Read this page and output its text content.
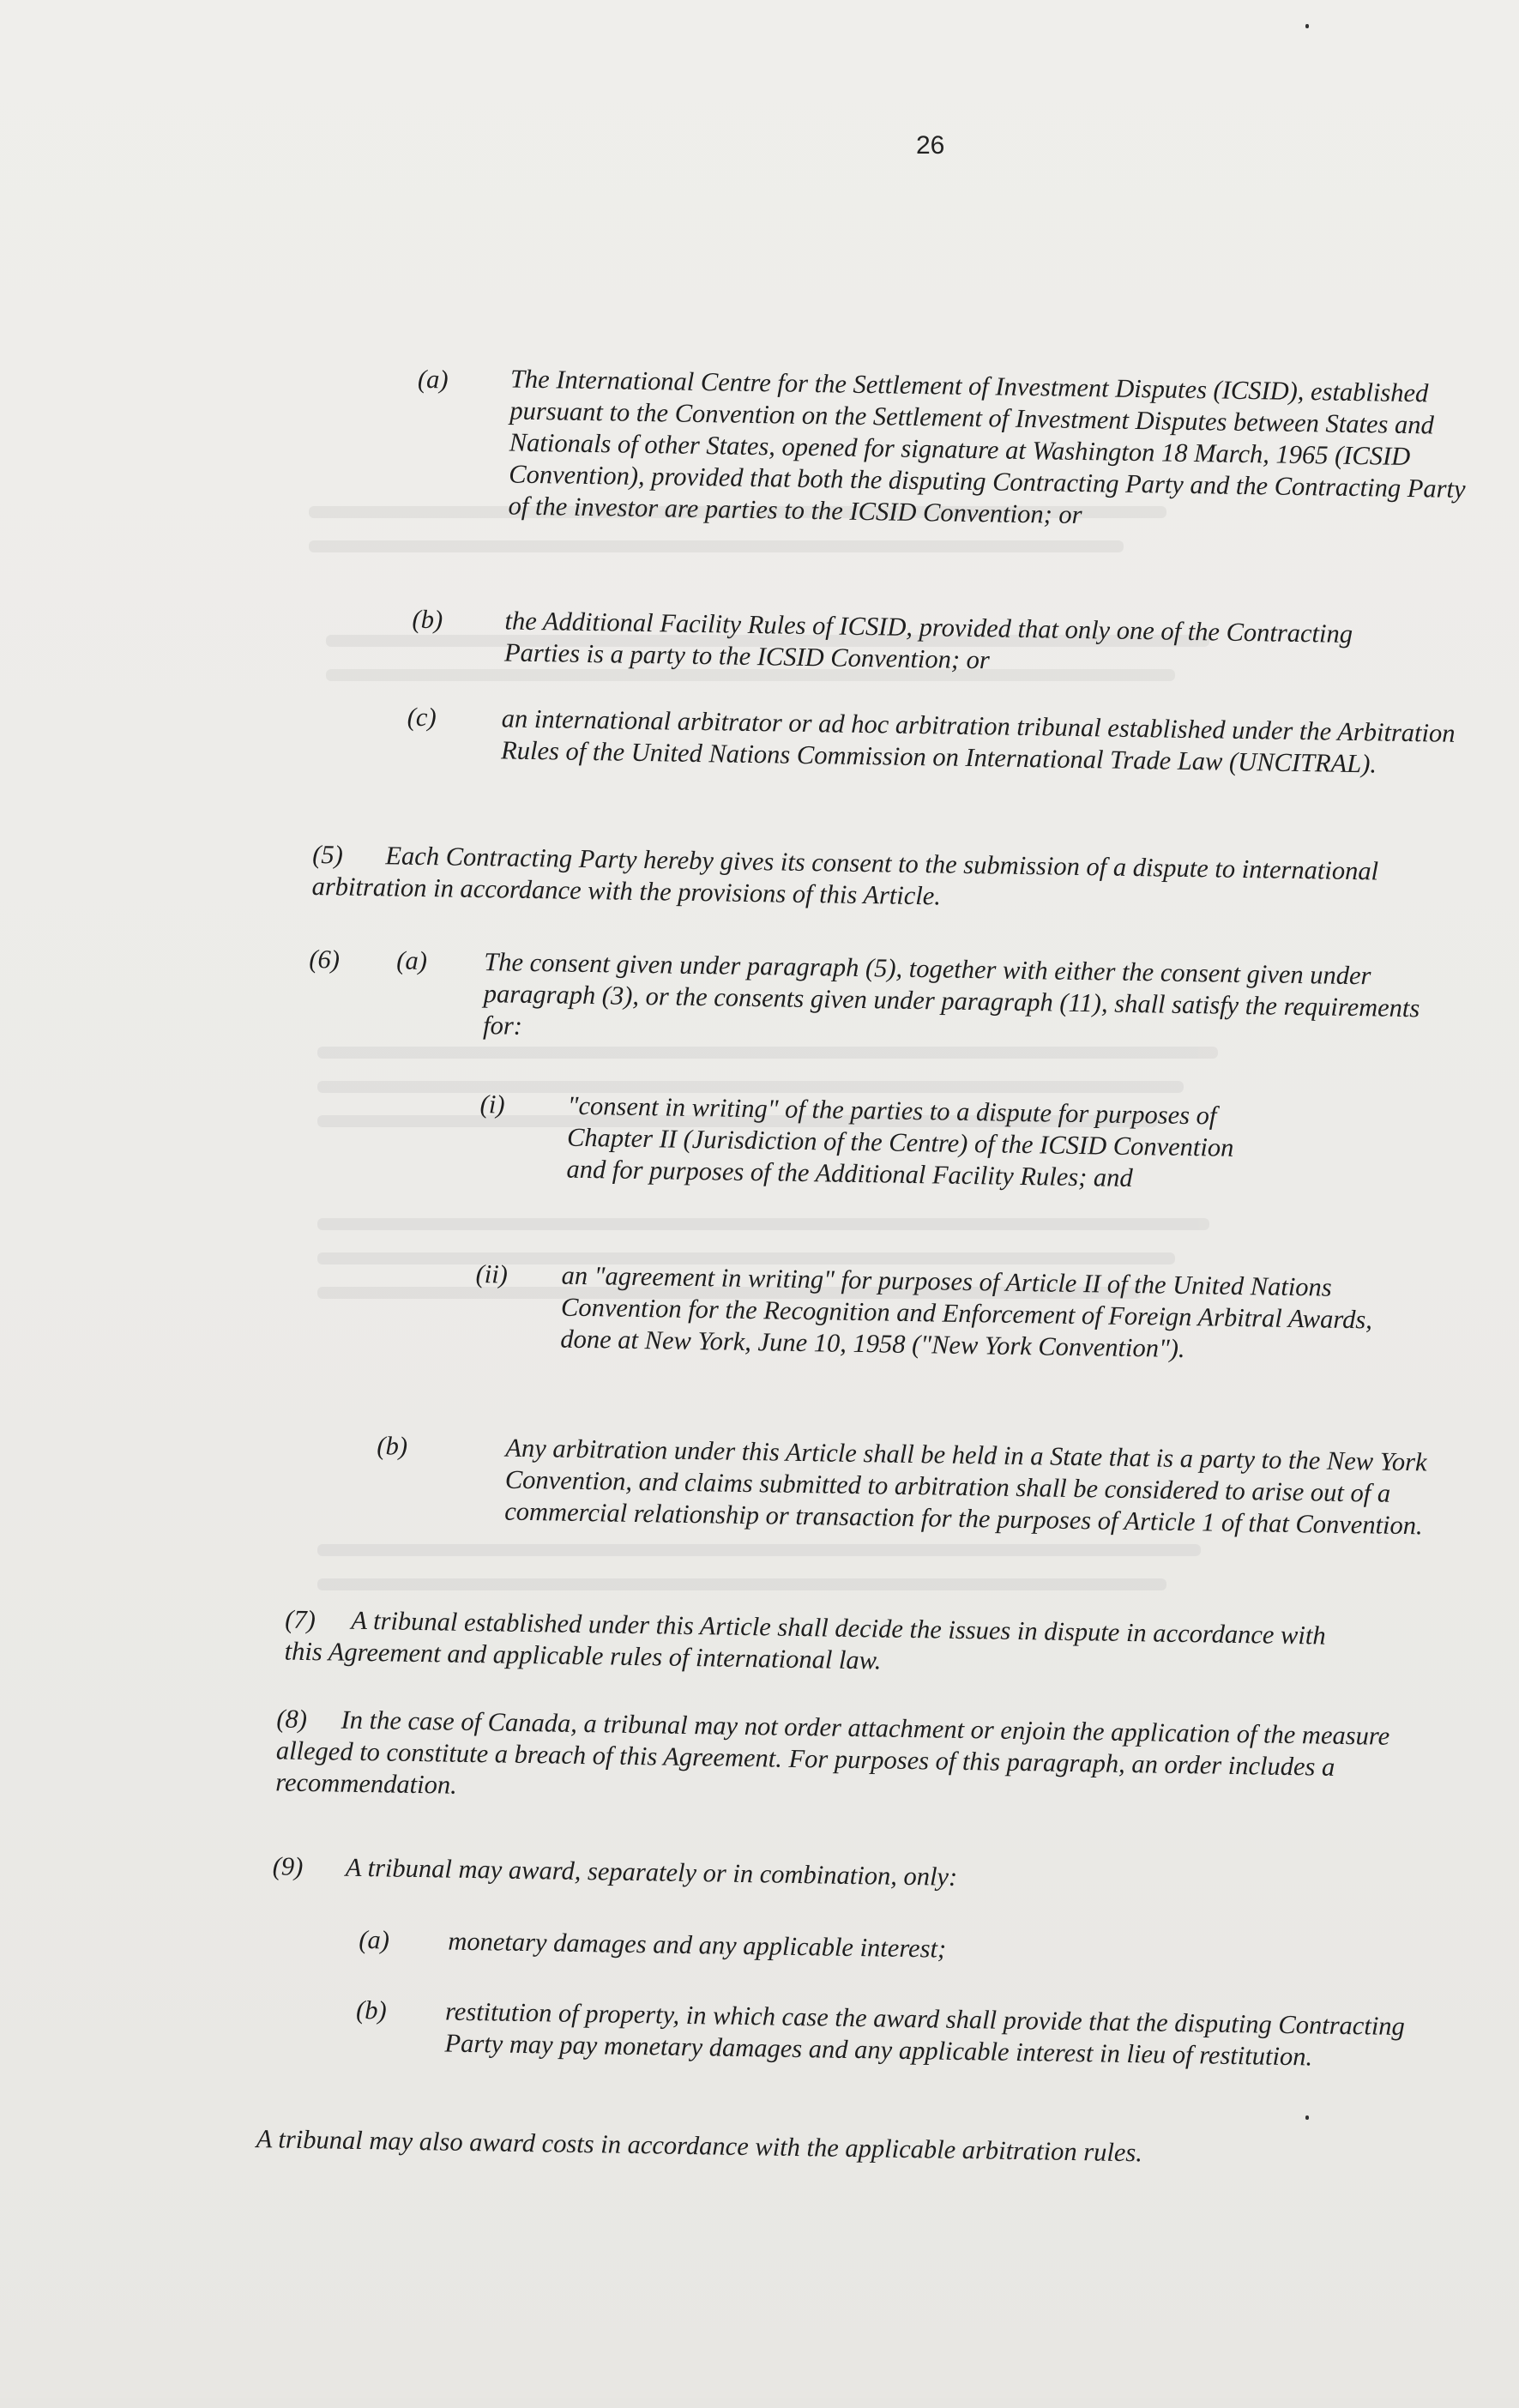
26
(a) The International Centre for the Settlement of Investment Disputes (ICSID), established pursuant to the Convention on the Settlement of Investment Disputes between States and Nationals of other States, opened for signature at Washington 18 March, 1965 (ICSID Convention), provided that both the disputing Contracting Party and the Contracting Party of the investor are parties to the ICSID Convention; or
(b) the Additional Facility Rules of ICSID, provided that only one of the Contracting Parties is a party to the ICSID Convention; or
(c) an international arbitrator or ad hoc arbitration tribunal established under the Arbitration Rules of the United Nations Commission on International Trade Law (UNCITRAL).
(5) Each Contracting Party hereby gives its consent to the submission of a dispute to international arbitration in accordance with the provisions of this Article.
(6) (a) The consent given under paragraph (5), together with either the consent given under paragraph (3), or the consents given under paragraph (11), shall satisfy the requirements for:
(i) "consent in writing" of the parties to a dispute for purposes of Chapter II (Jurisdiction of the Centre) of the ICSID Convention and for purposes of the Additional Facility Rules; and
(ii) an "agreement in writing" for purposes of Article II of the United Nations Convention for the Recognition and Enforcement of Foreign Arbitral Awards, done at New York, June 10, 1958 ("New York Convention").
(b)	Any arbitration under this Article shall be held in a State that is a party to the New York Convention, and claims submitted to arbitration shall be considered to arise out of a commercial relationship or transaction for the purposes of Article 1 of that Convention.
(7) A tribunal established under this Article shall decide the issues in dispute in accordance with this Agreement and applicable rules of international law.
(8) In the case of Canada, a tribunal may not order attachment or enjoin the application of the measure alleged to constitute a breach of this Agreement. For purposes of this paragraph, an order includes a recommendation.
(9) A tribunal may award, separately or in combination, only:
(a) monetary damages and any applicable interest;
(b) restitution of property, in which case the award shall provide that the disputing Contracting Party may pay monetary damages and any applicable interest in lieu of restitution.
A tribunal may also award costs in accordance with the applicable arbitration rules.
